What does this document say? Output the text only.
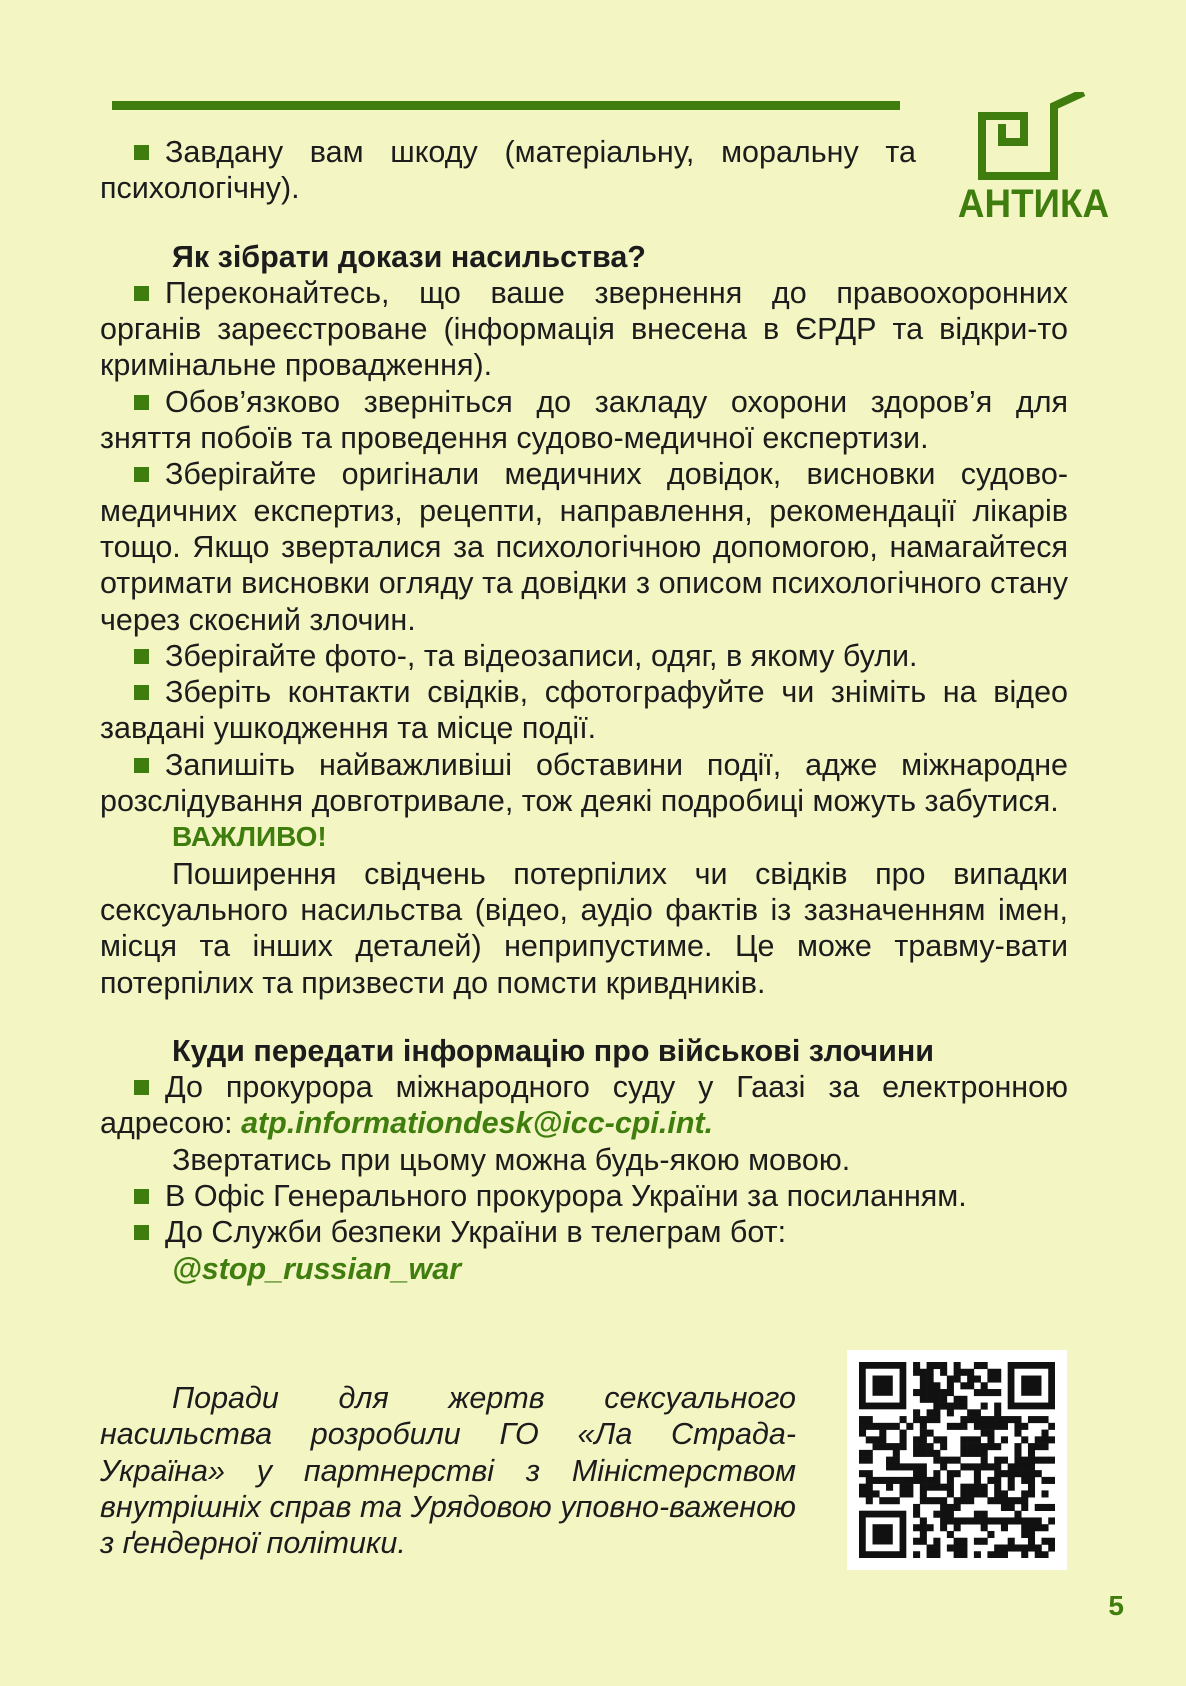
АНТИКА

Завдану вам шкоду (матеріальну, моральну та психологічну).

Як зібрати докази насильства?

Переконайтесь, що ваше звернення до правоохоронних органів зареєстроване (інформація внесена в ЄРДР та відкри-то кримінальне провадження).

Обов’язково зверніться до закладу охорони здоров’я для зняття побоїв та проведення судово-медичної експертизи.

Зберігайте оригінали медичних довідок, висновки судово-медичних експертиз, рецепти, направлення, рекомендації лікарів тощо. Якщо зверталися за психологічною допомогою, намагайтеся отримати висновки огляду та довідки з описом психологічного стану через скоєний злочин.

Зберігайте фото-, та відеозаписи, одяг, в якому були.

Зберіть контакти свідків, сфотографуйте чи зніміть на відео завдані ушкодження та місце події.

Запишіть найважливіші обставини події, адже міжнародне розслідування довготривале, тож деякі подробиці можуть забутися.

ВАЖЛИВО!

Поширення свідчень потерпілих чи свідків про випадки сексуального насильства (відео, аудіо фактів із зазначенням імен, місця та інших деталей) неприпустиме. Це може травму-вати потерпілих та призвести до помсти кривдників.

Куди передати інформацію про військові злочини

До прокурора міжнародного суду у Гаазі за електронною адресою: atp.informationdesk@icc-cpi.int.

Звертатись при цьому можна будь-якою мовою.

В Офіс Генерального прокурора України за посиланням.

До Служби безпеки України в телеграм бот:

@stop_russian_war

Поради для жертв сексуального насильства розробили ГО «Ла Страда-Україна» у партнерстві з Міністерством внутрішніх справ та Урядовою уповно-важеною з ґендерної політики.

5
